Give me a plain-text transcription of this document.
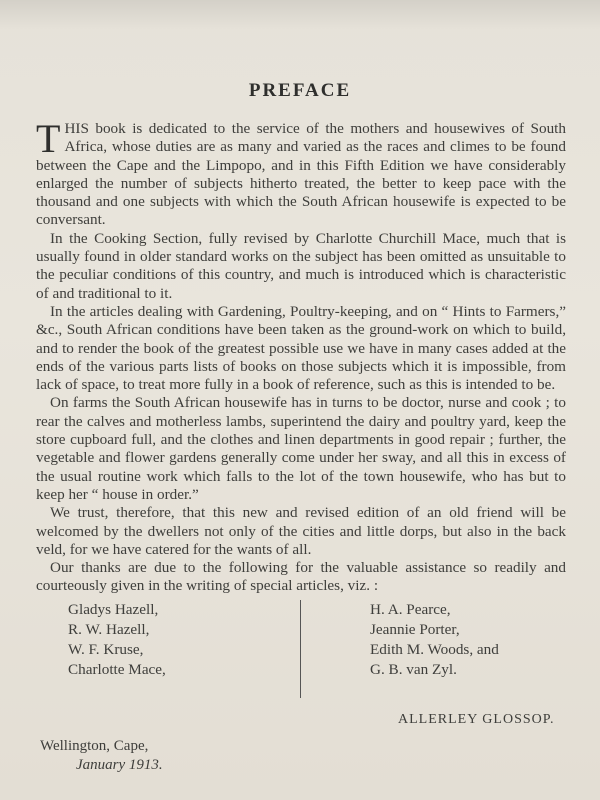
PREFACE

THIS book is dedicated to the service of the mothers and housewives of South Africa, whose duties are as many and varied as the races and climes to be found between the Cape and the Limpopo, and in this Fifth Edition we have considerably enlarged the number of subjects hitherto treated, the better to keep pace with the thousand and one subjects with which the South African housewife is expected to be conversant.

In the Cooking Section, fully revised by Charlotte Churchill Mace, much that is usually found in older standard works on the subject has been omitted as unsuitable to the peculiar conditions of this country, and much is introduced which is characteristic of and traditional to it.

In the articles dealing with Gardening, Poultry-keeping, and on “ Hints to Farmers,” &c., South African conditions have been taken as the ground-work on which to build, and to render the book of the greatest possible use we have in many cases added at the ends of the various parts lists of books on those subjects which it is impossible, from lack of space, to treat more fully in a book of reference, such as this is intended to be.

On farms the South African housewife has in turns to be doctor, nurse and cook ; to rear the calves and motherless lambs, superintend the dairy and poultry yard, keep the store cupboard full, and the clothes and linen departments in good repair ; further, the vegetable and flower gardens generally come under her sway, and all this in excess of the usual routine work which falls to the lot of the town housewife, who has but to keep her “ house in order.”

We trust, therefore, that this new and revised edition of an old friend will be welcomed by the dwellers not only of the cities and little dorps, but also in the back veld, for we have catered for the wants of all.

Our thanks are due to the following for the valuable assistance so readily and courteously given in the writing of special articles, viz. :

Gladys Hazell,
R. W. Hazell,
W. F. Kruse,
Charlotte Mace,
H. A. Pearce,
Jeannie Porter,
Edith M. Woods, and
G. B. van Zyl.
ALLERLEY GLOSSOP.
Wellington, Cape,
January 1913.
